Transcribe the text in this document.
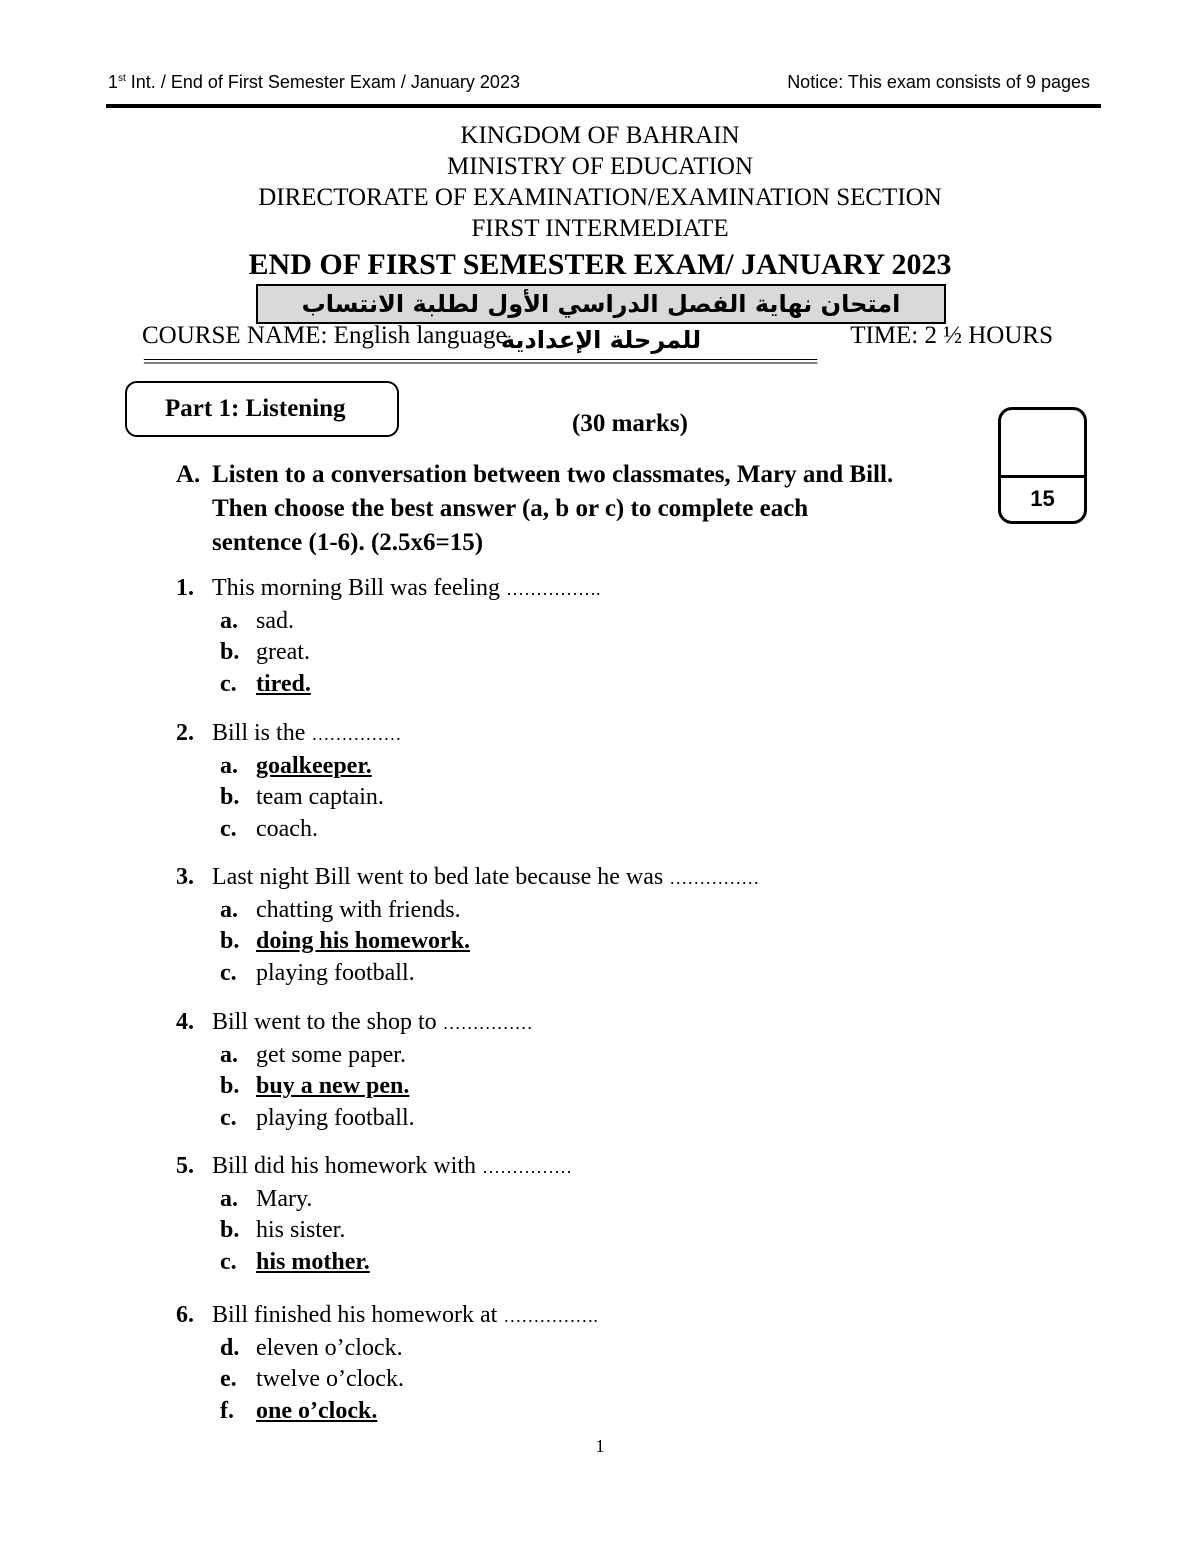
1st Int. / End of First Semester Exam / January 2023	Notice: This exam consists of 9 pages
KINGDOM OF BAHRAIN
MINISTRY OF EDUCATION
DIRECTORATE OF EXAMINATION/EXAMINATION SECTION
FIRST INTERMEDIATE
END OF FIRST SEMESTER EXAM/ JANUARY 2023
امتحان نهاية الفصل الدراسي الأول لطلبة الانتساب للمرحلة الإعدادية
COURSE NAME: English language	TIME: 2 ½ HOURS
======================================================================================================
Part 1: Listening
(30 marks)
15
A. Listen to a conversation between two classmates, Mary and Bill.
Then choose the best answer (a, b or c) to complete each
sentence (1-6). (2.5x6=15)
1. This morning Bill was feeling …………….
a. sad.
b. great.
c. tired.
2. Bill is the ……………
a. goalkeeper.
b. team captain.
c. coach.
3. Last night Bill went to bed late because he was ……………
a. chatting with friends.
b. doing his homework.
c. playing football.
4. Bill went to the shop to ……………
a. get some paper.
b. buy a new pen.
c. playing football.
5. Bill did his homework with ……………
a. Mary.
b. his sister.
c. his mother.
6. Bill finished his homework at …………….
d. eleven o’clock.
e. twelve o’clock.
f. one o’clock.
1
